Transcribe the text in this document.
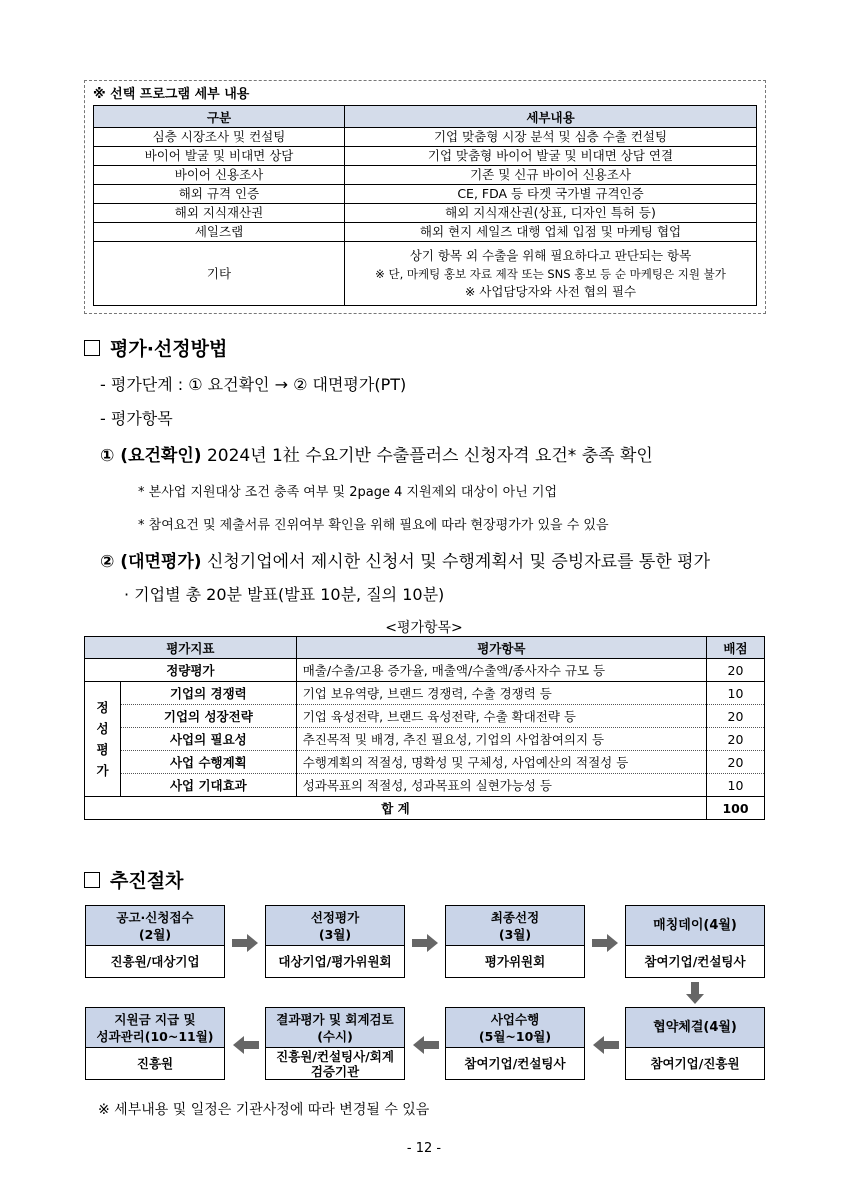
※ 선택 프로그램 세부 내용
구분	세부내용
심층 시장조사 및 컨설팅	기업 맞춤형 시장 분석 및 심층 수출 컨설팅
바이어 발굴 및 비대면 상담	기업 맞춤형 바이어 발굴 및 비대면 상담 연결
바이어 신용조사	기존 및 신규 바이어 신용조사
해외 규격 인증	CE, FDA 등 타겟 국가별 규격인증
해외 지식재산권	해외 지식재산권(상표, 디자인 특허 등)
세일즈랩	해외 현지 세일즈 대행 업체 입점 및 마케팅 협업
기타	상기 항목 외 수출을 위해 필요하다고 판단되는 항목
※ 단, 마케팅 홍보 자료 제작 또는 SNS 홍보 등 순 마케팅은 지원 불가
※ 사업담당자와 사전 협의 필수
평가·선정방법
- 평가단계 : ① 요건확인 → ② 대면평가(PT)
- 평가항목
① (요건확인) 2024년 1社 수요기반 수출플러스 신청자격 요건* 충족 확인
* 본사업 지원대상 조건 충족 여부 및 2page 4 지원제외 대상이 아닌 기업
* 참여요건 및 제출서류 진위여부 확인을 위해 필요에 따라 현장평가가 있을 수 있음
② (대면평가) 신청기업에서 제시한 신청서 및 수행계획서 및 증빙자료를 통한 평가
· 기업별 총 20분 발표(발표 10분, 질의 10분)
<평가항목>
평가지표		평가항목	배점
정량평가		매출/수출/고용 증가율, 매출액/수출액/종사자수 규모 등	20
정
성
평
가	기업의 경쟁력	기업 보유역량, 브랜드 경쟁력, 수출 경쟁력 등	10
	기업의 성장전략	기업 육성전략, 브랜드 육성전략, 수출 확대전략 등	20
	사업의 필요성	추진목적 및 배경, 추진 필요성, 기업의 사업참여의지 등	20
	사업 수행계획	수행계획의 적절성, 명확성 및 구체성, 사업예산의 적절성 등	20
	사업 기대효과	성과목표의 적절성, 성과목표의 실현가능성 등	10
합 계			100
추진절차
공고·신청접수
(2월)
진흥원/대상기업
선정평가
(3월)
대상기업/평가위원회
최종선정
(3월)
평가위원회
매칭데이(4월)
참여기업/컨설팅사
협약체결(4월)
참여기업/진흥원
사업수행
(5월~10월)
참여기업/컨설팅사
결과평가 및 회계검토
(수시)
진흥원/컨설팅사/회계검증기관
지원금 지급 및
성과관리(10~11월)
진흥원
※ 세부내용 및 일정은 기관사정에 따라 변경될 수 있음
- 12 -
